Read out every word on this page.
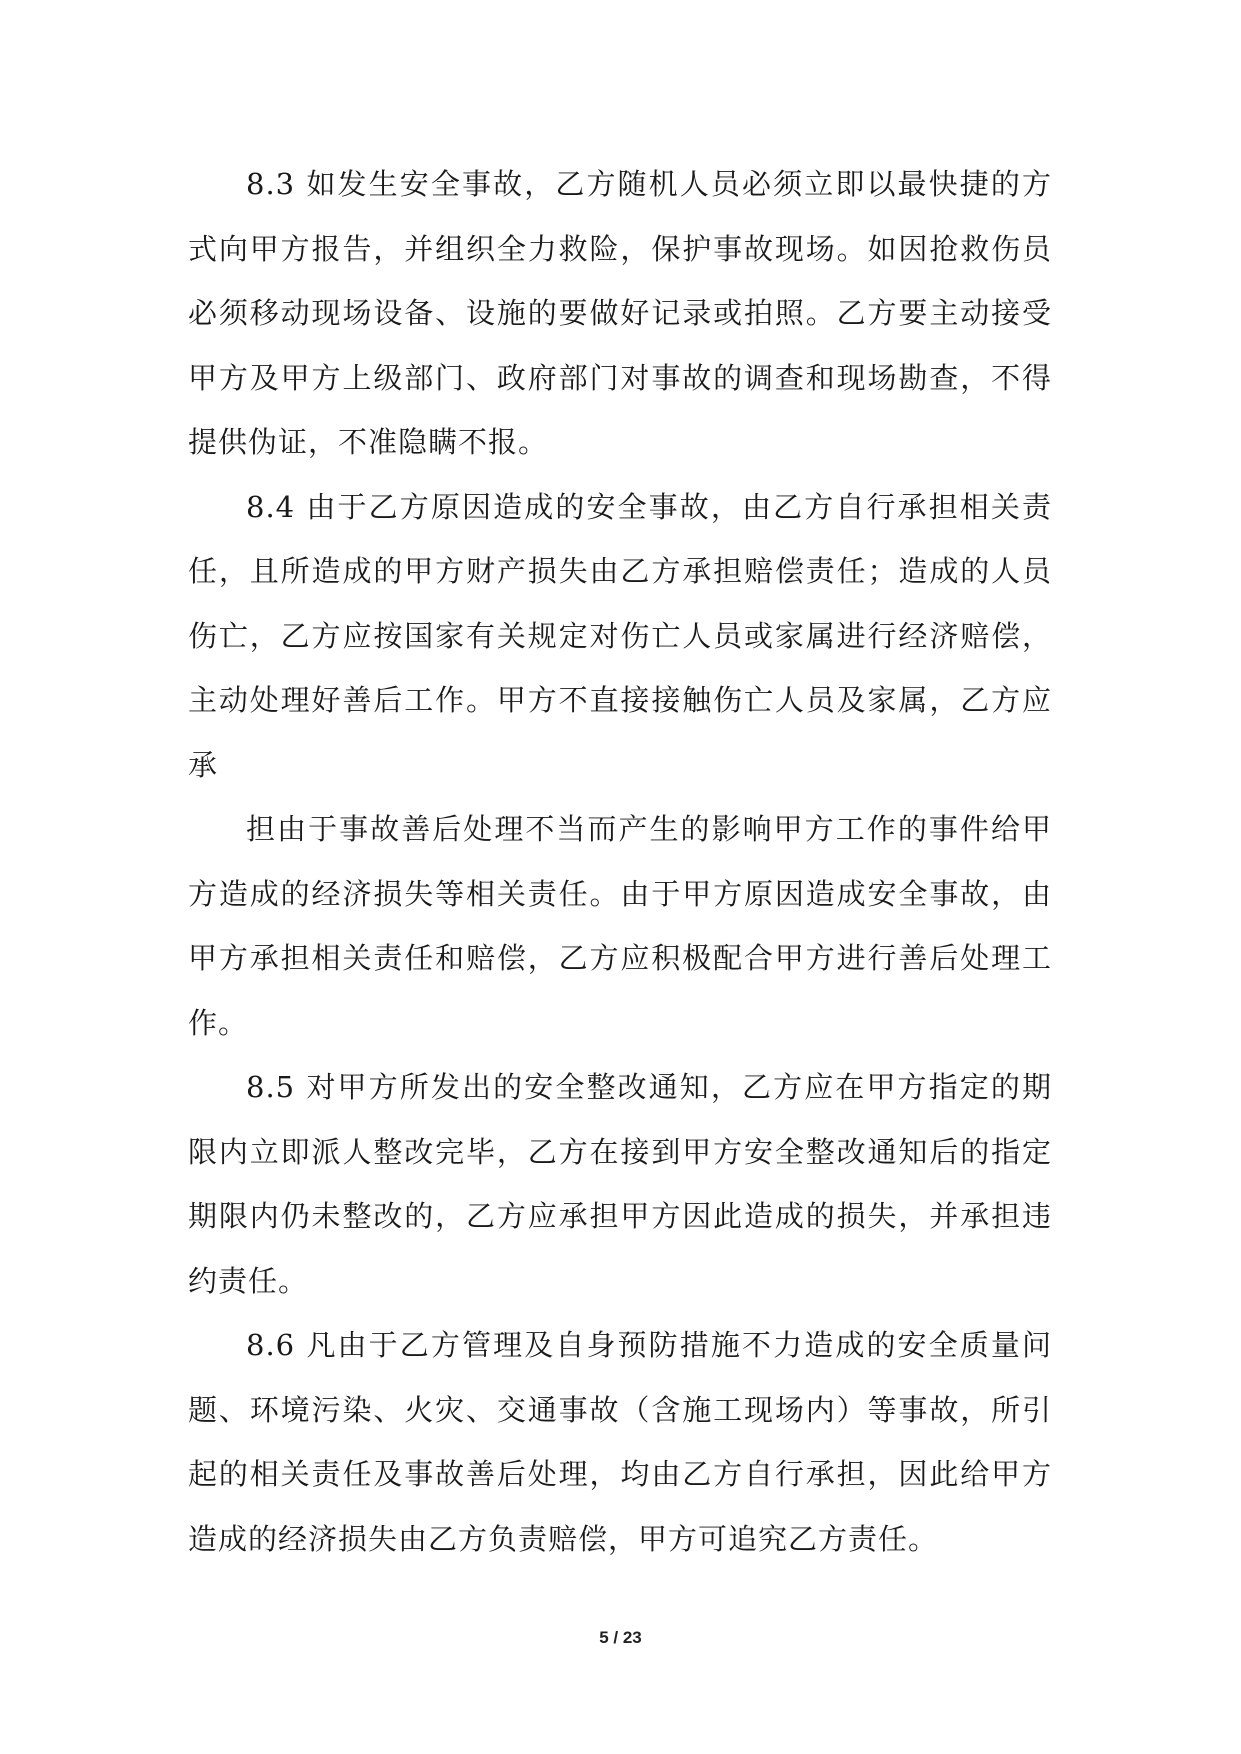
8.3 如发生安全事故，乙方随机人员必须立即以最快捷的方式向甲方报告，并组织全力救险，保护事故现场。如因抢救伤员必须移动现场设备、设施的要做好记录或拍照。乙方要主动接受甲方及甲方上级部门、政府部门对事故的调查和现场勘查，不得提供伪证，不准隐瞒不报。

8.4 由于乙方原因造成的安全事故，由乙方自行承担相关责任，且所造成的甲方财产损失由乙方承担赔偿责任；造成的人员伤亡，乙方应按国家有关规定对伤亡人员或家属进行经济赔偿，主动处理好善后工作。甲方不直接接触伤亡人员及家属，乙方应承

担由于事故善后处理不当而产生的影响甲方工作的事件给甲方造成的经济损失等相关责任。由于甲方原因造成安全事故，由甲方承担相关责任和赔偿，乙方应积极配合甲方进行善后处理工作。

8.5 对甲方所发出的安全整改通知，乙方应在甲方指定的期限内立即派人整改完毕，乙方在接到甲方安全整改通知后的指定期限内仍未整改的，乙方应承担甲方因此造成的损失，并承担违约责任。

8.6 凡由于乙方管理及自身预防措施不力造成的安全质量问题、环境污染、火灾、交通事故（含施工现场内）等事故，所引起的相关责任及事故善后处理，均由乙方自行承担，因此给甲方造成的经济损失由乙方负责赔偿，甲方可追究乙方责任。

5 / 23
